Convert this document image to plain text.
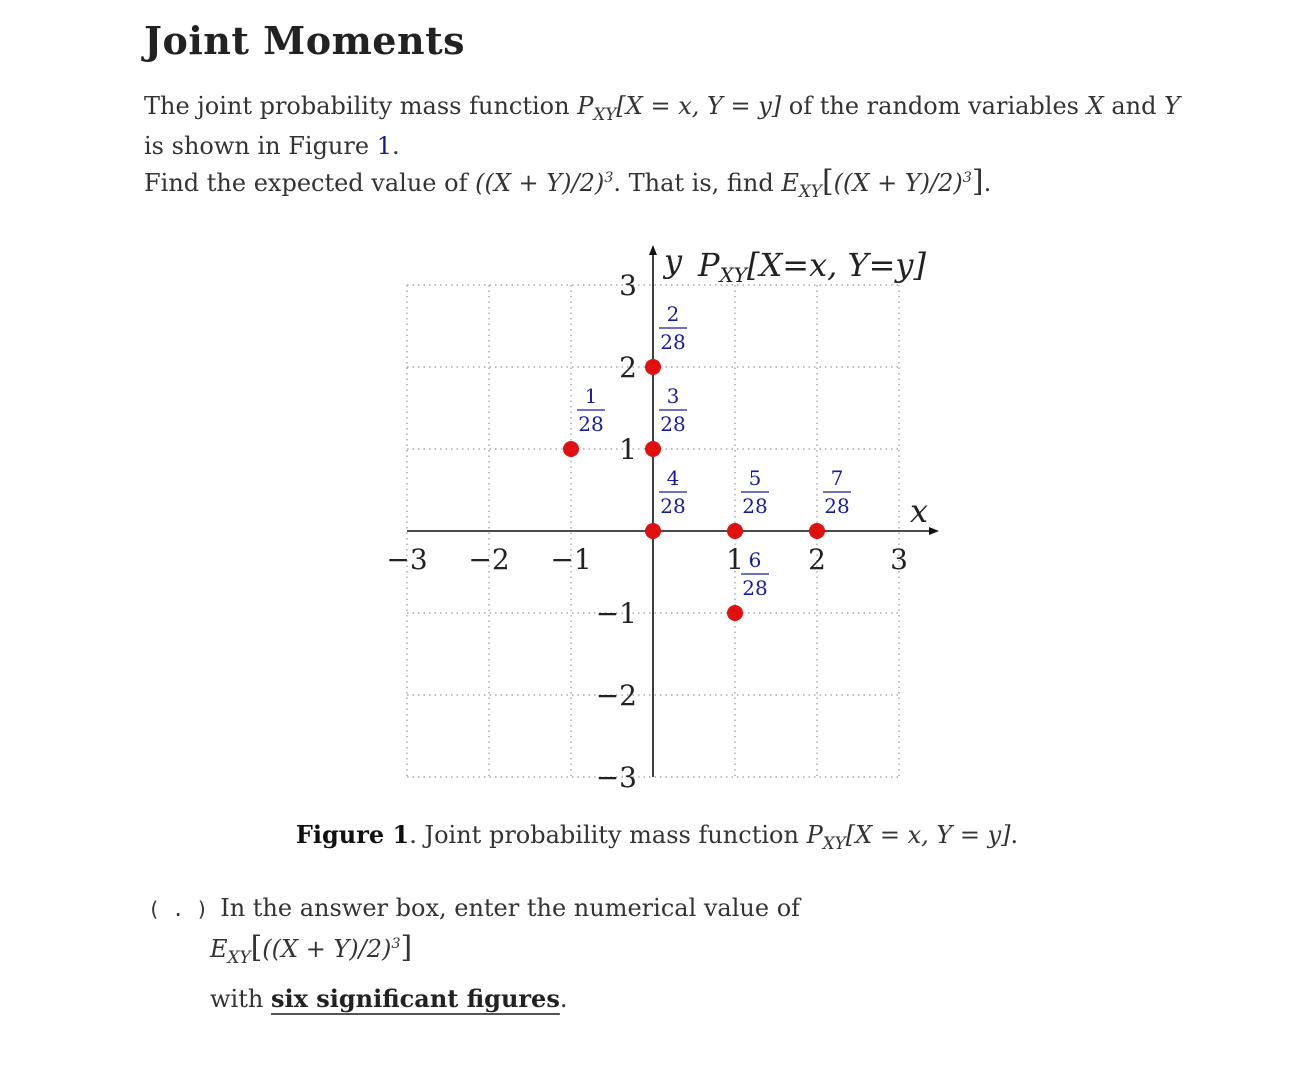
Joint Moments
The joint probability mass function $P_{XY}[X = x$, Y = y] of the random variables X and Y is shown in Figure 1.
Find the expected value of $((X + Y)/2)^3$. That is, find $E_{XY}[((X + Y)/2)^3]$.
−3 −2 −1	1 2 3
3
2
1
−1
−2
−3
y PXY[X=x, Y=y]
x
1
28
2
28
3
28
4
28
5
28
6
28
7
28
Figure 1. Joint probability mass function $P_{XY}[X = x$, Y = y].
( . ) In the answer box, enter the numerical value of
$E_{XY}[((X + Y)/2)^3]$
with six significant figures.
